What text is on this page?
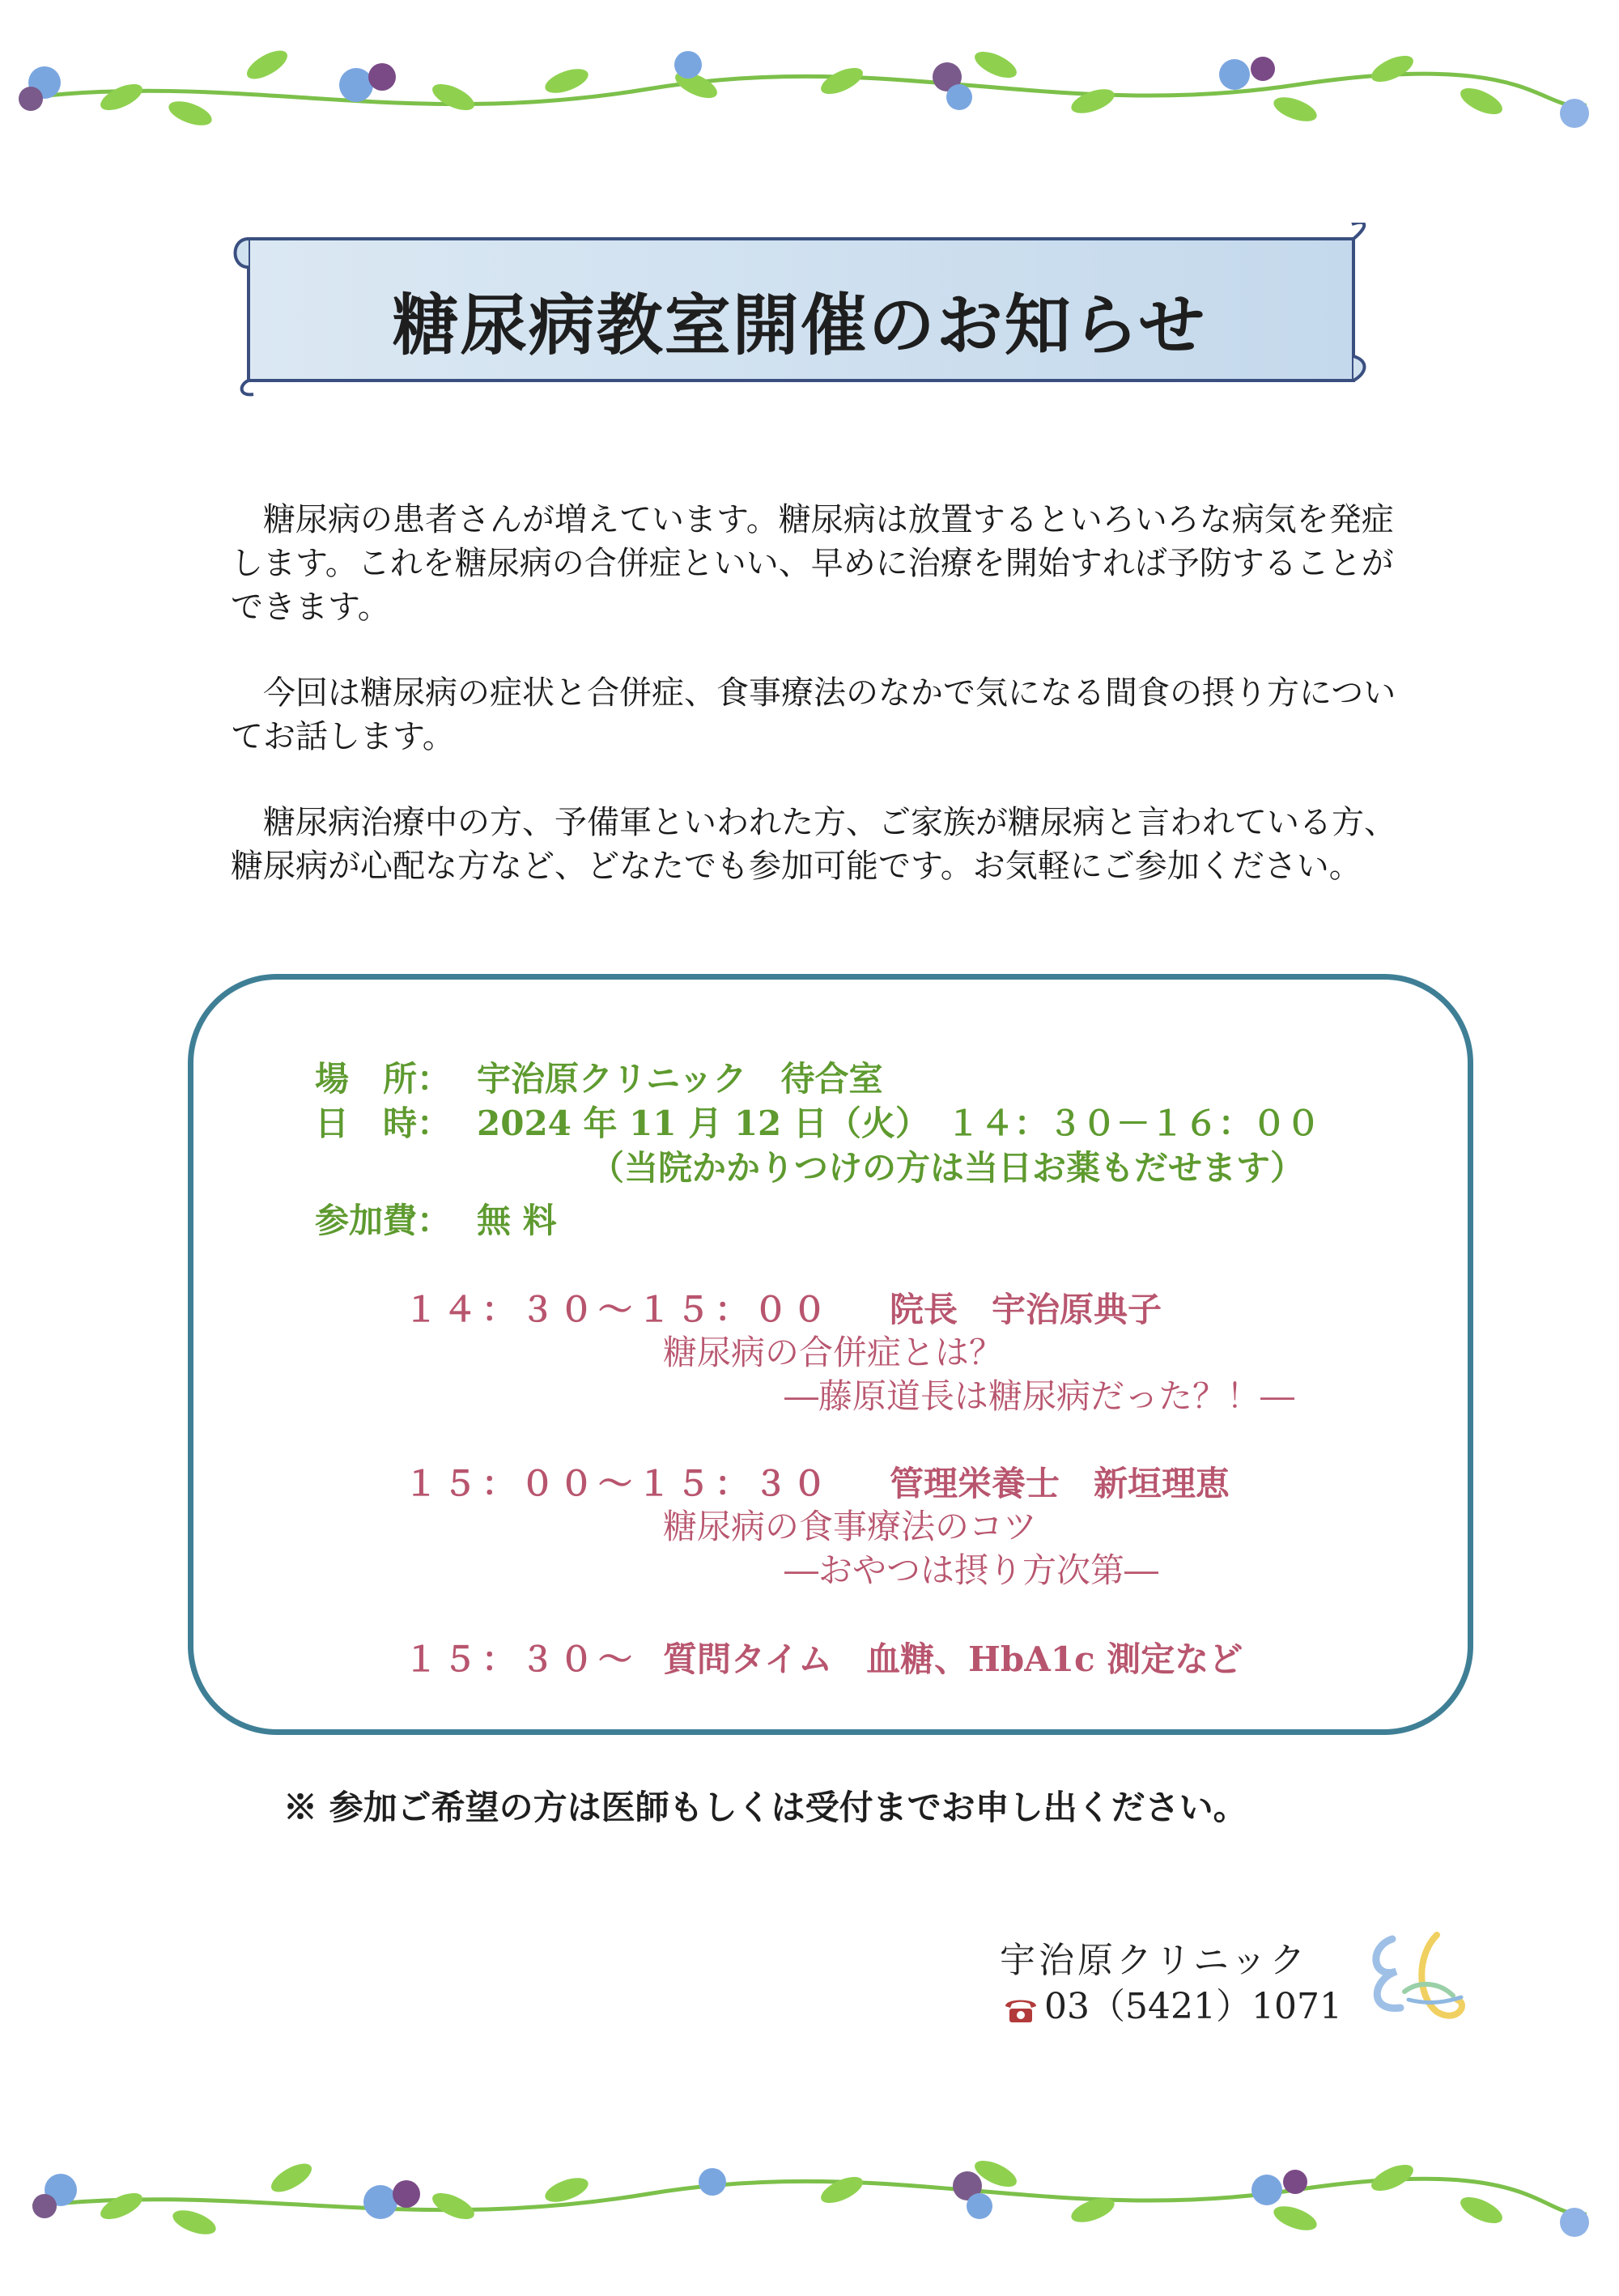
糖尿病教室開催のお知らせ

糖尿病の患者さんが増えています。糖尿病は放置するといろいろな病気を発症します。これを糖尿病の合併症といい、早めに治療を開始すれば予防することができます。

今回は糖尿病の症状と合併症、食事療法のなかで気になる間食の摂り方についてお話します。

糖尿病治療中の方、予備軍といわれた方、ご家族が糖尿病と言われている方、糖尿病が心配な方など、どなたでも参加可能です。お気軽にご参加ください。

場　所： 宇治原クリニック　待合室
日　時： 2024 年 11 月 12 日（火）　１４：３０－１６：００
（当院かかりつけの方は当日お薬もだせます）
参加費： 無 料
１４：３０～１５：００ 院長　宇治原典子
糖尿病の合併症とは？
―藤原道長は糖尿病だった？！―
１５：００～１５：３０ 管理栄養士　新垣理恵
糖尿病の食事療法のコツ
―おやつは摂り方次第―
１５：３０～ 質問タイム　血糖、HbA1c 測定など
※ 参加ご希望の方は医師もしくは受付までお申し出ください。
宇治原クリニック
03（5421）1071
